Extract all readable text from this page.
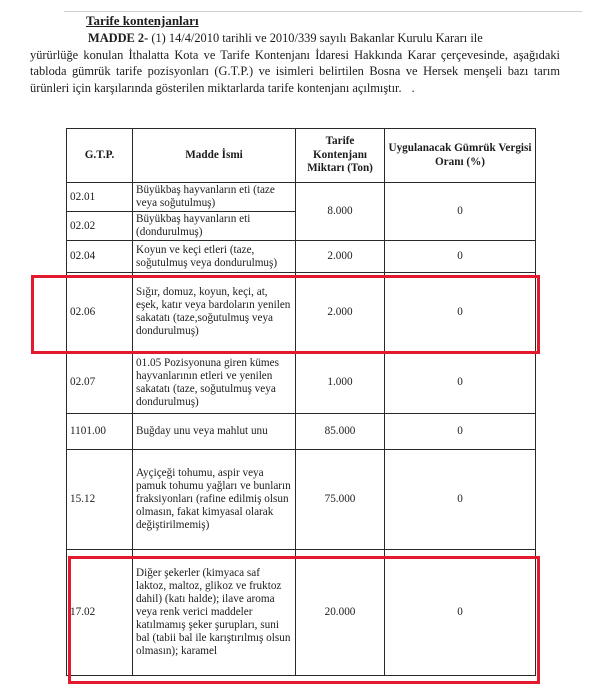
Tarife kontenjanları
MADDE 2- (1) 14/4/2010 tarihli ve 2010/339 sayılı Bakanlar Kurulu Kararı ile
yürürlüğe konulan İthalatta Kota ve Tarife Kontenjanı İdaresi Hakkında Karar çerçevesinde, aşağıdaki tabloda gümrük tarife pozisyonları (G.T.P.) ve isimleri belirtilen Bosna ve Hersek menşeli bazı tarım ürünleri için karşılarında gösterilen miktarlarda tarife kontenjanı açılmıştır. .
G.T.P.	Madde İsmi	Tarife Kontenjanı Miktarı (Ton)	Uygulanacak Gümrük Vergisi Oranı (%)
02.01	Büyükbaş hayvanların eti (taze veya soğutulmuş)	8.000	0
02.02	Büyükbaş hayvanların eti (dondurulmuş)		
02.04	Koyun ve keçi etleri (taze, soğutulmuş veya dondurulmuş)	2.000	0
02.06	Sığır, domuz, koyun, keçi, at, eşek, katır veya bardoların yenilen sakatatı (taze,soğutulmuş veya dondurulmuş)	2.000	0
02.07	01.05 Pozisyonuna giren kümes hayvanlarının etleri ve yenilen sakatatı (taze, soğutulmuş veya dondurulmuş)	1.000	0
1101.00	Buğday unu veya mahlut unu	85.000	0
15.12	Ayçiçeği tohumu, aspir veya pamuk tohumu yağları ve bunların fraksiyonları (rafine edilmiş olsun olmasın, fakat kimyasal olarak değiştirilmemiş)	75.000	0
17.02	Diğer şekerler (kimyaca saf laktoz, maltoz, glikoz ve fruktoz dahil) (katı halde); ilave aroma veya renk verici maddeler katılmamış şeker şurupları, suni bal (tabii bal ile karıştırılmış olsun olmasın); karamel	20.000	0
